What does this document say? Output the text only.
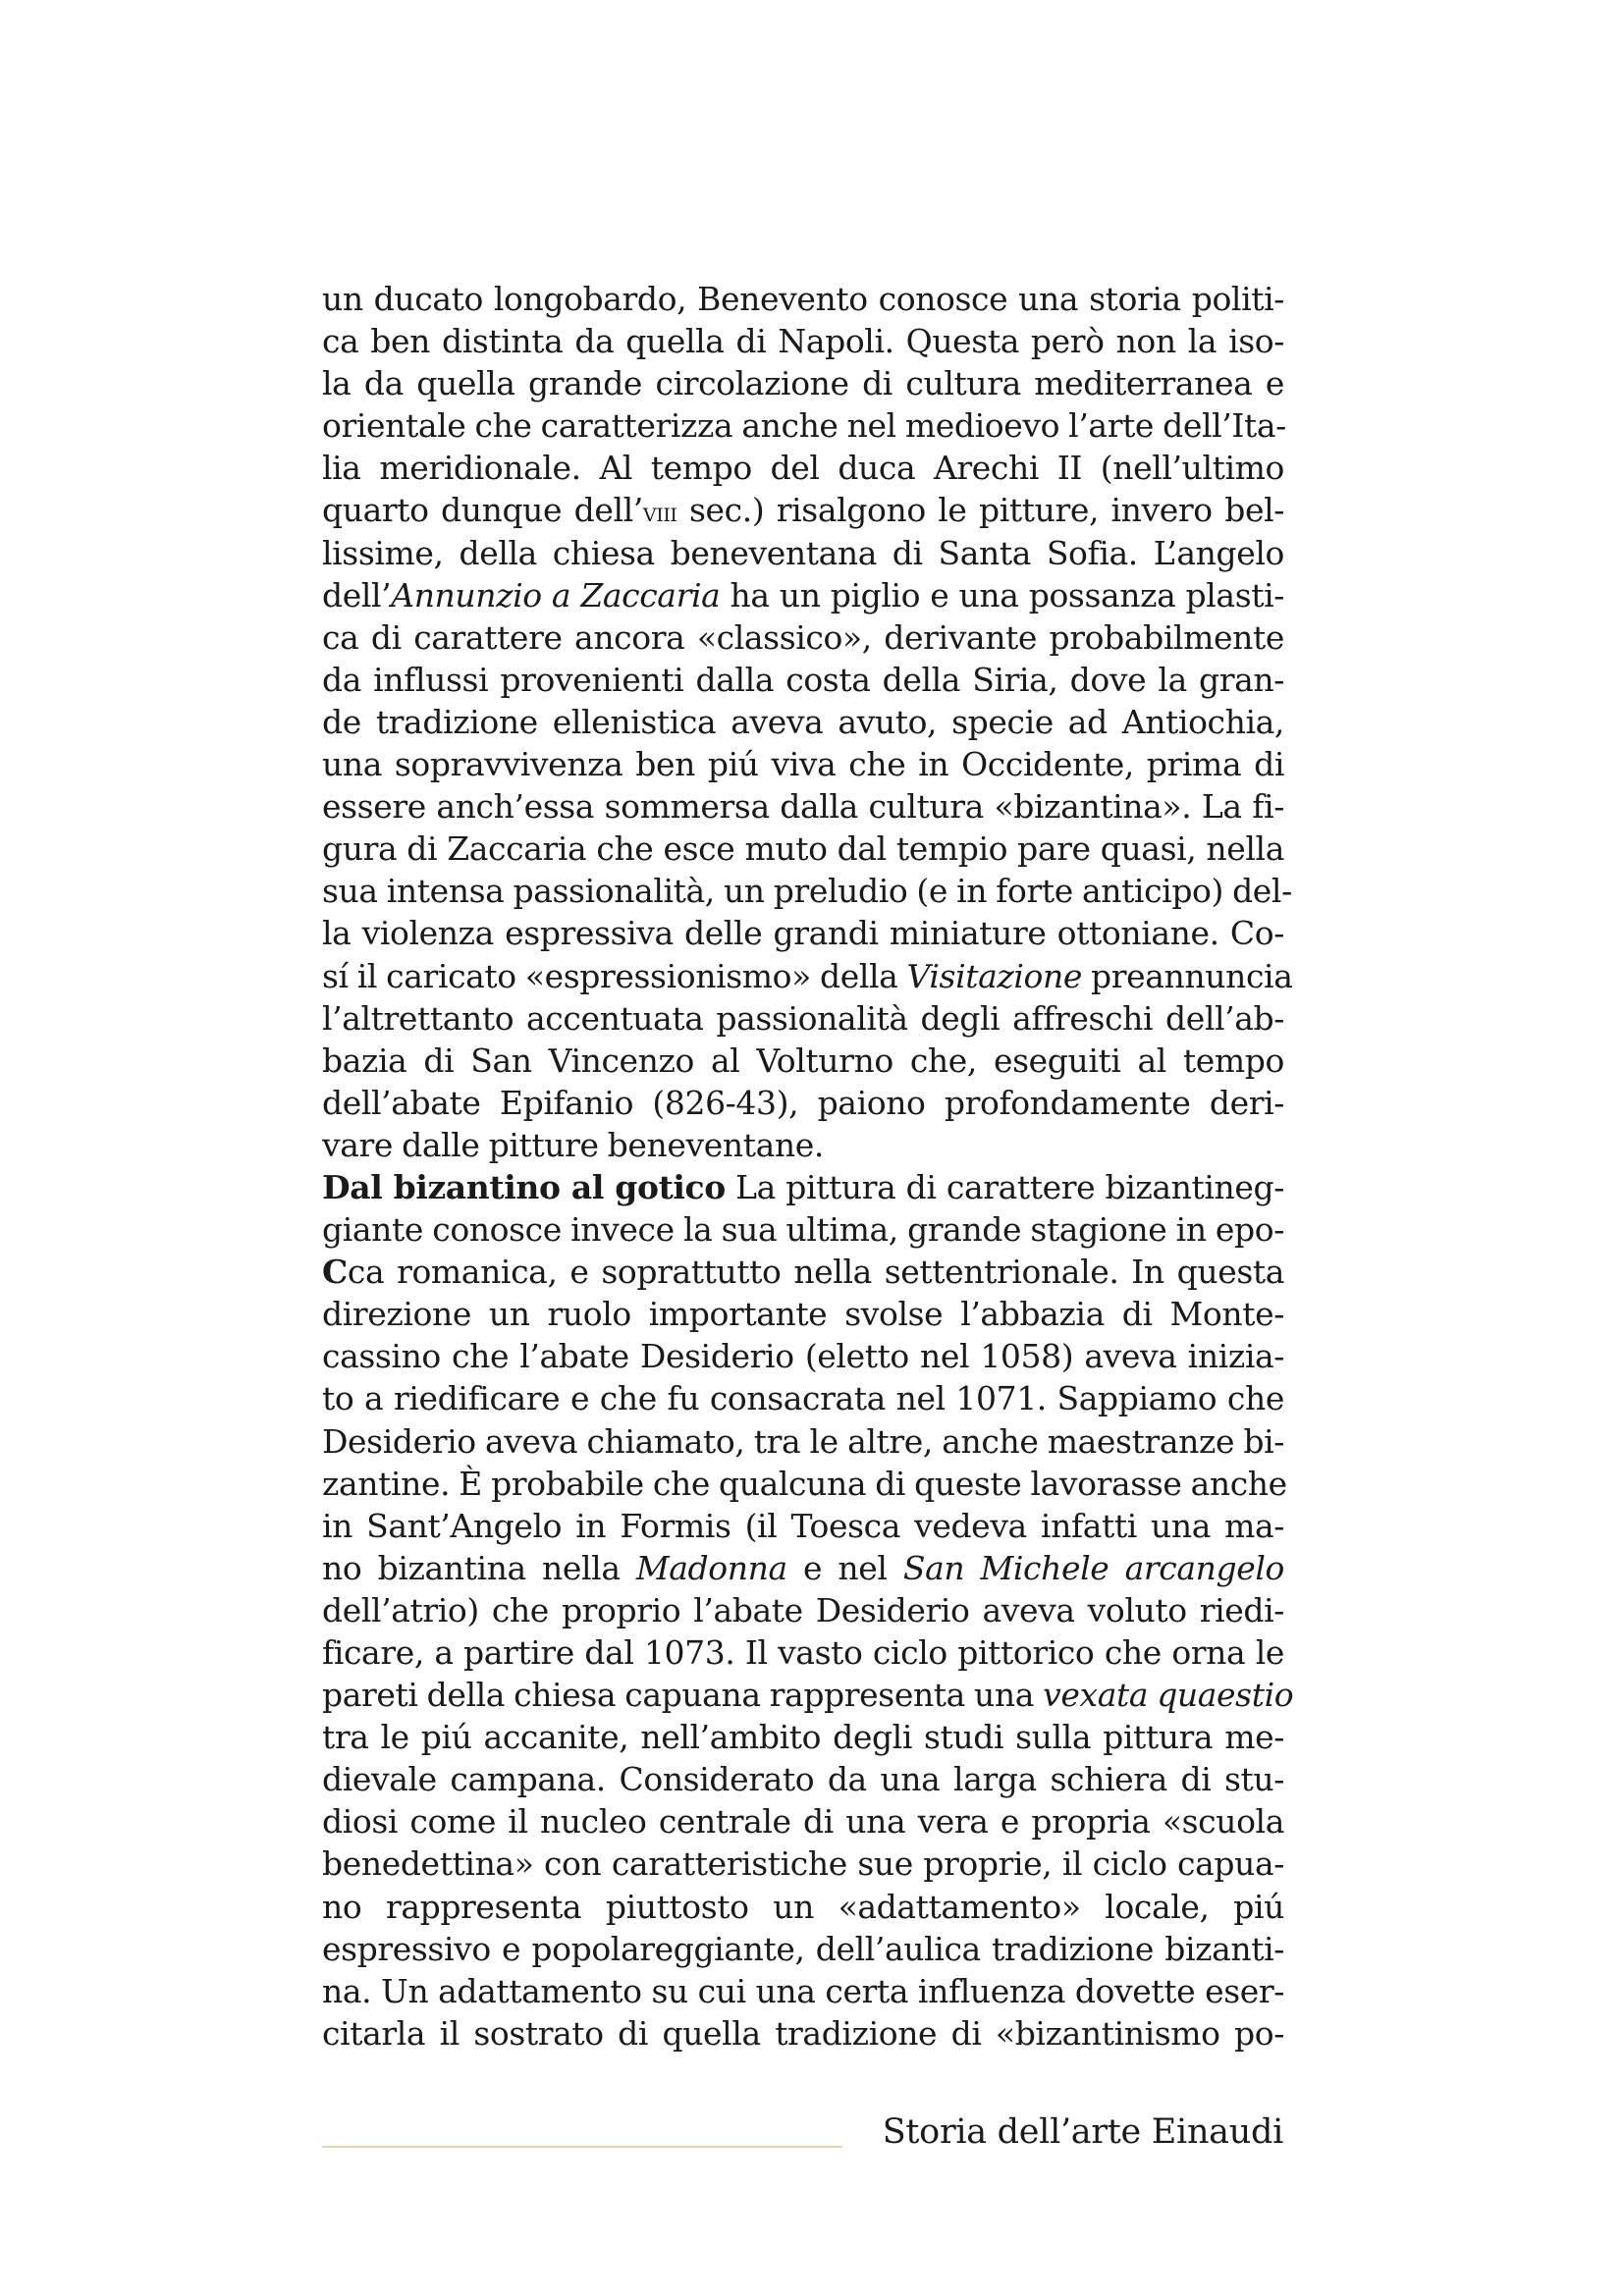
un ducato longobardo, Benevento conosce una storia politi-
ca ben distinta da quella di Napoli. Questa però non la iso-
la da quella grande circolazione di cultura mediterranea e
orientale che caratterizza anche nel medioevo l’arte dell’Ita-
lia meridionale. Al tempo del duca Arechi II (nell’ultimo
quarto dunque dell’viii sec.) risalgono le pitture, invero bel-
lissime, della chiesa beneventana di Santa Sofia. L’angelo
dell’Annunzio a Zaccaria ha un piglio e una possanza plasti-
ca di carattere ancora «classico», derivante probabilmente
da influssi provenienti dalla costa della Siria, dove la gran-
de tradizione ellenistica aveva avuto, specie ad Antiochia,
una sopravvivenza ben piú viva che in Occidente, prima di
essere anch’essa sommersa dalla cultura «bizantina». La fi-
gura di Zaccaria che esce muto dal tempio pare quasi, nella
sua intensa passionalità, un preludio (e in forte anticipo) del-
la violenza espressiva delle grandi miniature ottoniane. Co-
sí il caricato «espressionismo» della Visitazione preannuncia
l’altrettanto accentuata passionalità degli affreschi dell’ab-
bazia di San Vincenzo al Volturno che, eseguiti al tempo
dell’abate Epifanio (826-43), paiono profondamente deri-
vare dalle pitture beneventane.
Dal bizantino al gotico La pittura di carattere bizantineg-
giante conosce invece la sua ultima, grande stagione in epo-
Cca romanica, e soprattutto nella settentrionale. In questa
direzione un ruolo importante svolse l’abbazia di Monte-
cassino che l’abate Desiderio (eletto nel 1058) aveva inizia-
to a riedificare e che fu consacrata nel 1071. Sappiamo che
Desiderio aveva chiamato, tra le altre, anche maestranze bi-
zantine. È probabile che qualcuna di queste lavorasse anche
in Sant’Angelo in Formis (il Toesca vedeva infatti una ma-
no bizantina nella Madonna e nel San Michele arcangelo
dell’atrio) che proprio l’abate Desiderio aveva voluto riedi-
ficare, a partire dal 1073. Il vasto ciclo pittorico che orna le
pareti della chiesa capuana rappresenta una vexata quaestio
tra le piú accanite, nell’ambito degli studi sulla pittura me-
dievale campana. Considerato da una larga schiera di stu-
diosi come il nucleo centrale di una vera e propria «scuola
benedettina» con caratteristiche sue proprie, il ciclo capua-
no rappresenta piuttosto un «adattamento» locale, piú
espressivo e popolareggiante, dell’aulica tradizione bizanti-
na. Un adattamento su cui una certa influenza dovette eser-
citarla il sostrato di quella tradizione di «bizantinismo po-
Storia dell’arte Einaudi
